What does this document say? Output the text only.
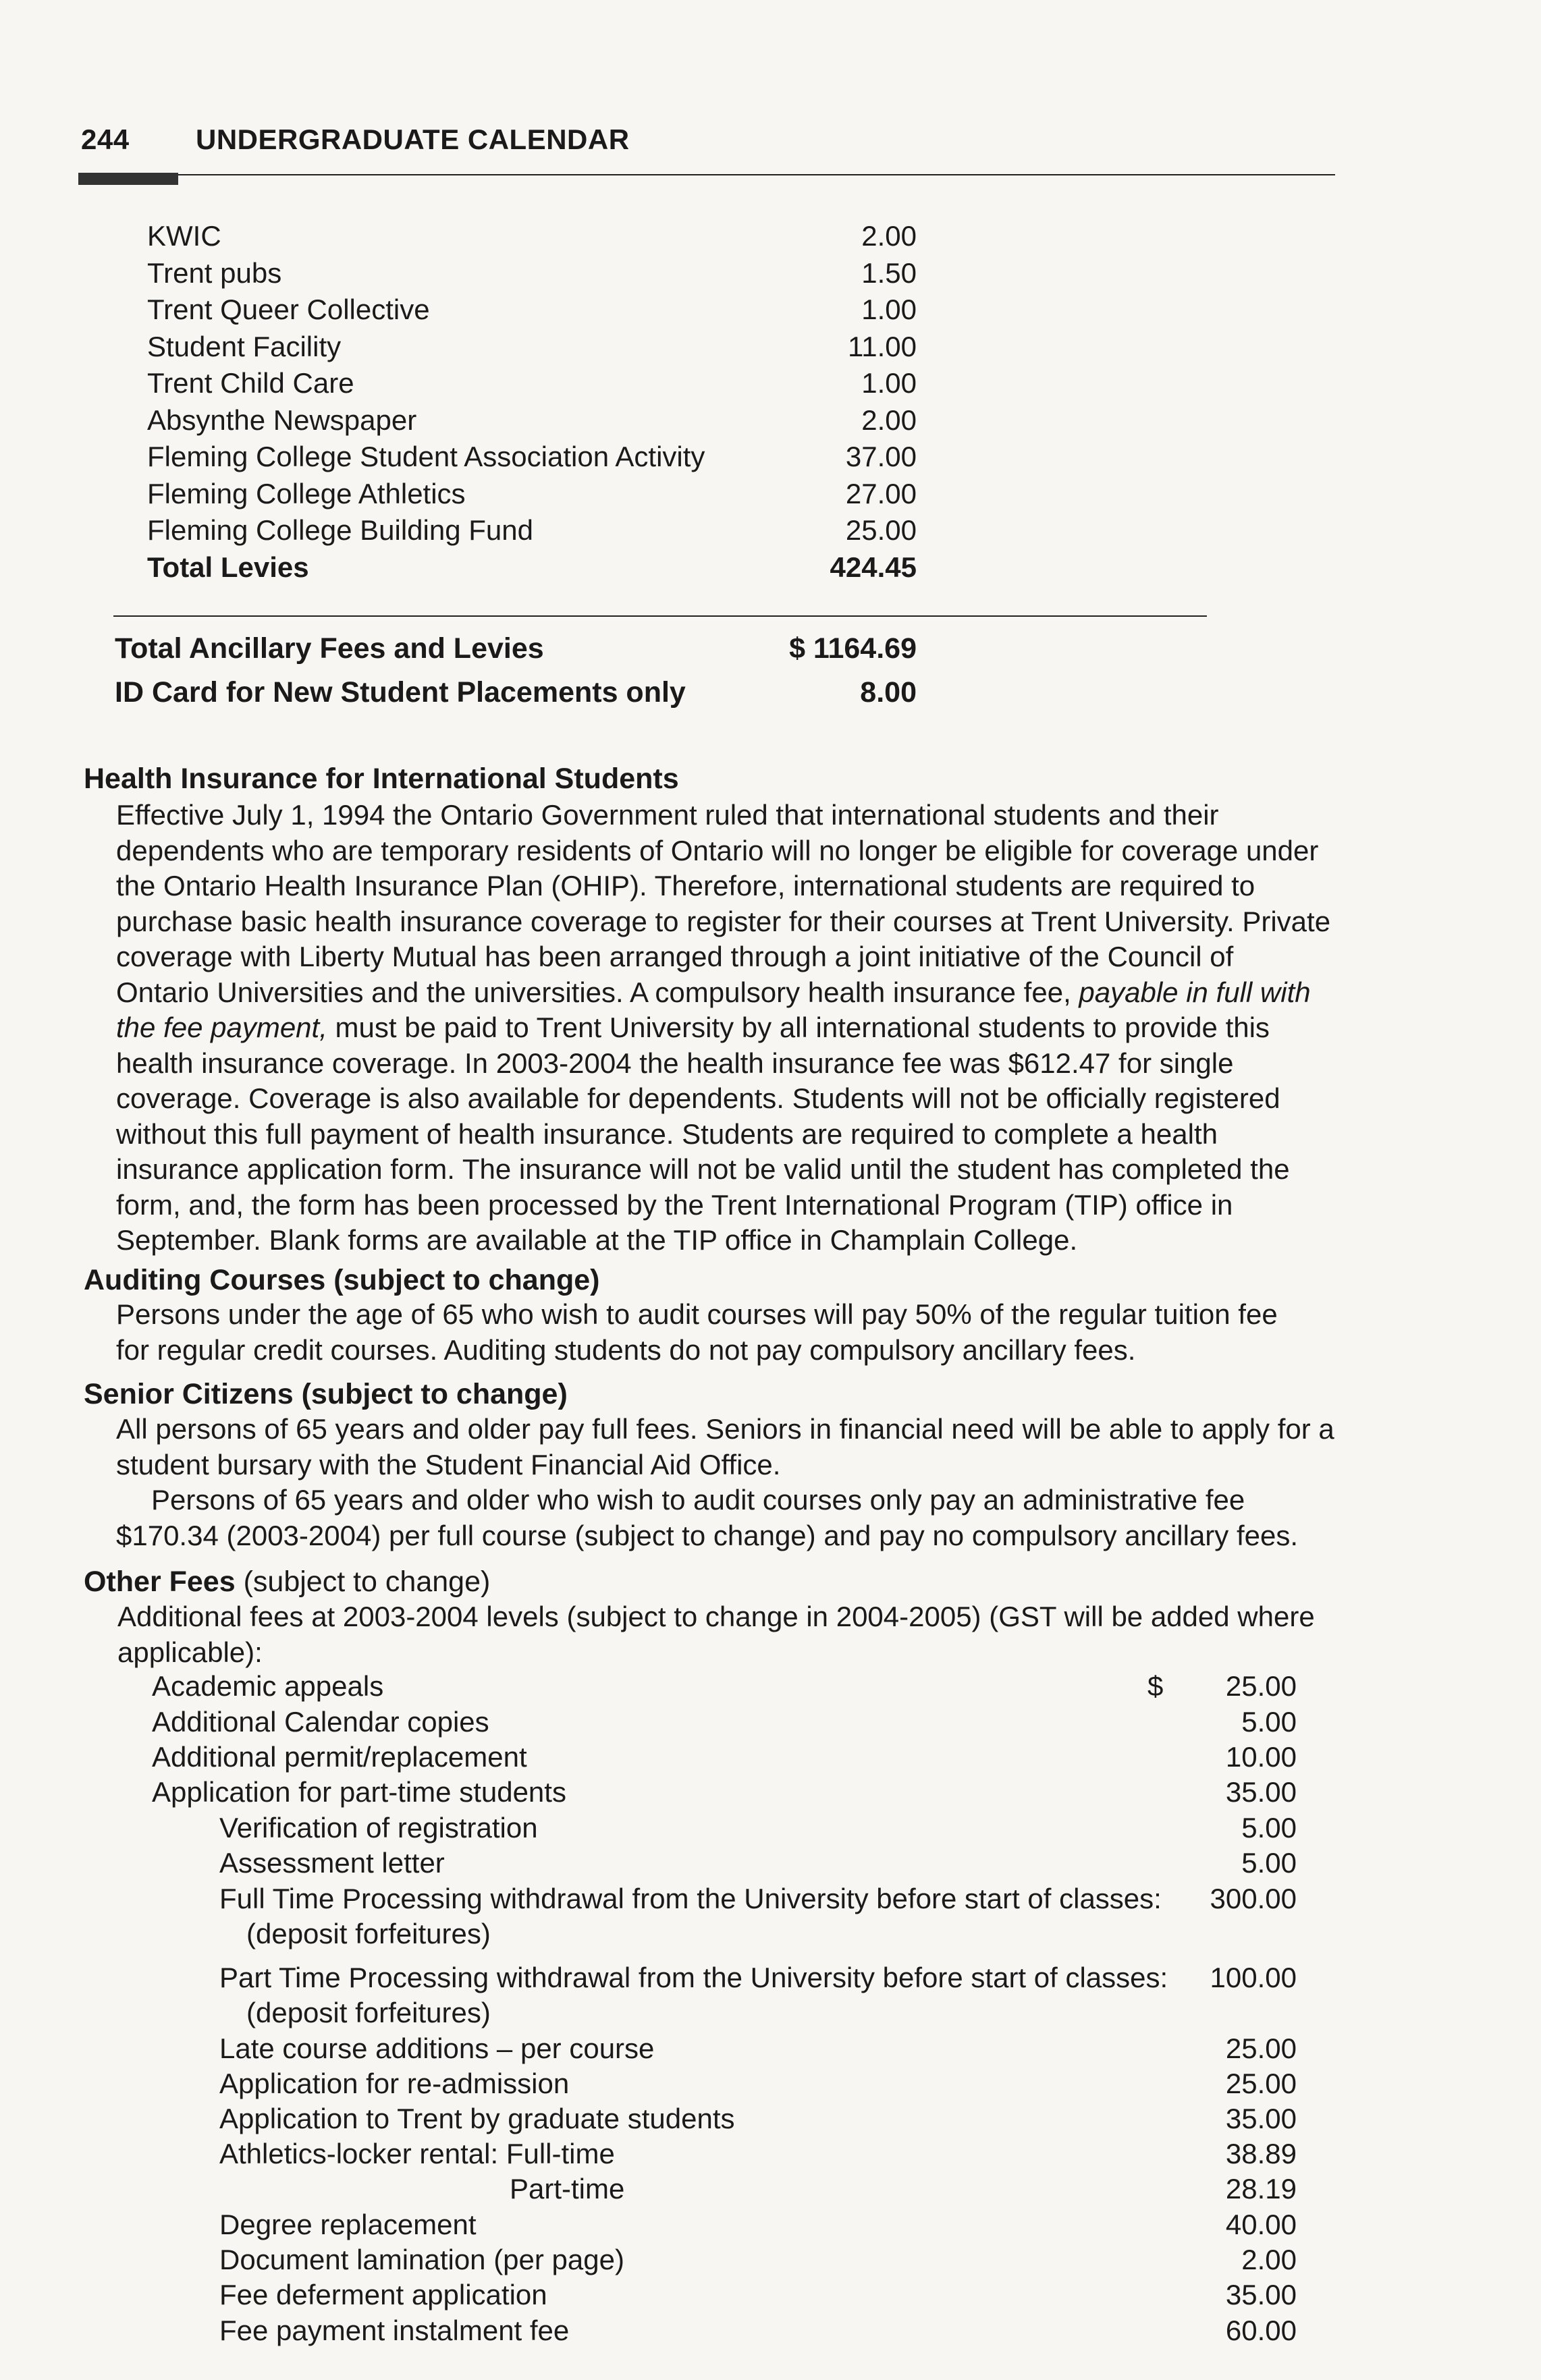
244 UNDERGRADUATE CALENDAR
KWIC	2.00
Trent pubs	1.50
Trent Queer Collective	1.00
Student Facility	11.00
Trent Child Care	1.00
Absynthe Newspaper	2.00
Fleming College Student Association Activity	37.00
Fleming College Athletics	27.00
Fleming College Building Fund	25.00
Total Levies	424.45
Total Ancillary Fees and Levies	$ 1164.69
ID Card for New Student Placements only	8.00
Health Insurance for International Students
Effective July 1, 1994 the Ontario Government ruled that international students and their
dependents who are temporary residents of Ontario will no longer be eligible for coverage under
the Ontario Health Insurance Plan (OHIP). Therefore, international students are required to
purchase basic health insurance coverage to register for their courses at Trent University. Private
coverage with Liberty Mutual has been arranged through a joint initiative of the Council of
Ontario Universities and the universities. A compulsory health insurance fee, payable in full with
the fee payment, must be paid to Trent University by all international students to provide this
health insurance coverage. In 2003-2004 the health insurance fee was $612.47 for single
coverage. Coverage is also available for dependents. Students will not be officially registered
without this full payment of health insurance. Students are required to complete a health
insurance application form. The insurance will not be valid until the student has completed the
form, and, the form has been processed by the Trent International Program (TIP) office in
September. Blank forms are available at the TIP office in Champlain College.
Auditing Courses (subject to change)
Persons under the age of 65 who wish to audit courses will pay 50% of the regular tuition fee
for regular credit courses. Auditing students do not pay compulsory ancillary fees.
Senior Citizens (subject to change)
All persons of 65 years and older pay full fees. Seniors in financial need will be able to apply for a
student bursary with the Student Financial Aid Office.
Persons of 65 years and older who wish to audit courses only pay an administrative fee
$170.34 (2003-2004) per full course (subject to change) and pay no compulsory ancillary fees.
Other Fees (subject to change)
Additional fees at 2003-2004 levels (subject to change in 2004-2005) (GST will be added where
applicable):
$
Academic appeals	25.00
Additional Calendar copies	5.00
Additional permit/replacement	10.00
Application for part-time students	35.00
Verification of registration	5.00
Assessment letter	5.00
Full Time Processing withdrawal from the University before start of classes: 300.00
(deposit forfeitures)
Part Time Processing withdrawal from the University before start of classes: 100.00
(deposit forfeitures)
Late course additions – per course	25.00
Application for re-admission	25.00
Application to Trent by graduate students	35.00
Athletics-locker rental: Full-time	38.89
Part-time	28.19
Degree replacement	40.00
Document lamination (per page)	2.00
Fee deferment application	35.00
Fee payment instalment fee	60.00
